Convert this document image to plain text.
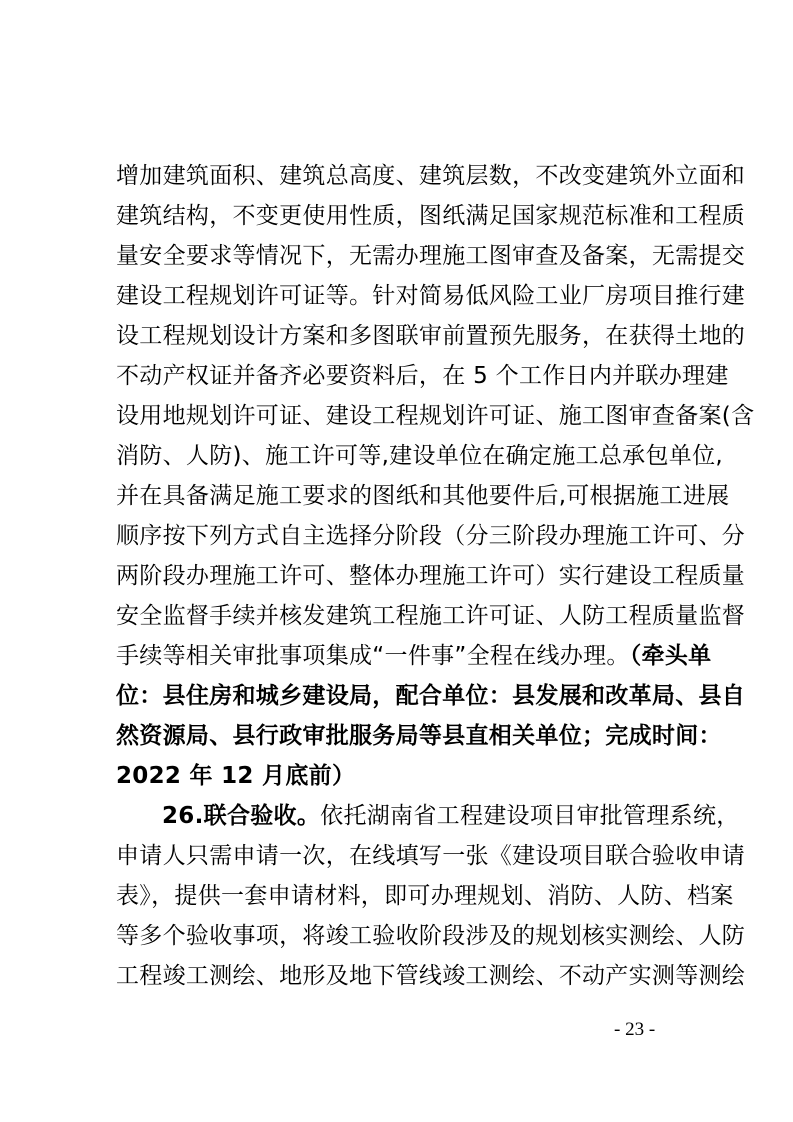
增加建筑面积、建筑总高度、建筑层数，不改变建筑外立面和
建筑结构，不变更使用性质，图纸满足国家规范标准和工程质
量安全要求等情况下，无需办理施工图审查及备案，无需提交
建设工程规划许可证等。针对简易低风险工业厂房项目推行建
设工程规划设计方案和多图联审前置预先服务，在获得土地的
不动产权证并备齐必要资料后，在 5 个工作日内并联办理建
设用地规划许可证、建设工程规划许可证、施工图审查备案(含
消防、人防)、施工许可等,建设单位在确定施工总承包单位,
并在具备满足施工要求的图纸和其他要件后,可根据施工进展
顺序按下列方式自主选择分阶段（分三阶段办理施工许可、分
两阶段办理施工许可、整体办理施工许可）实行建设工程质量
安全监督手续并核发建筑工程施工许可证、人防工程质量监督
手续等相关审批事项集成“一件事”全程在线办理。（牵头单
位：县住房和城乡建设局，配合单位：县发展和改革局、县自
然资源局、县行政审批服务局等县直相关单位；完成时间：
2022 年 12 月底前）
26.联合验收。依托湖南省工程建设项目审批管理系统，
申请人只需申请一次，在线填写一张《建设项目联合验收申请
表》，提供一套申请材料，即可办理规划、消防、人防、档案
等多个验收事项，将竣工验收阶段涉及的规划核实测绘、人防
工程竣工测绘、地形及地下管线竣工测绘、不动产实测等测绘
- 23 -
